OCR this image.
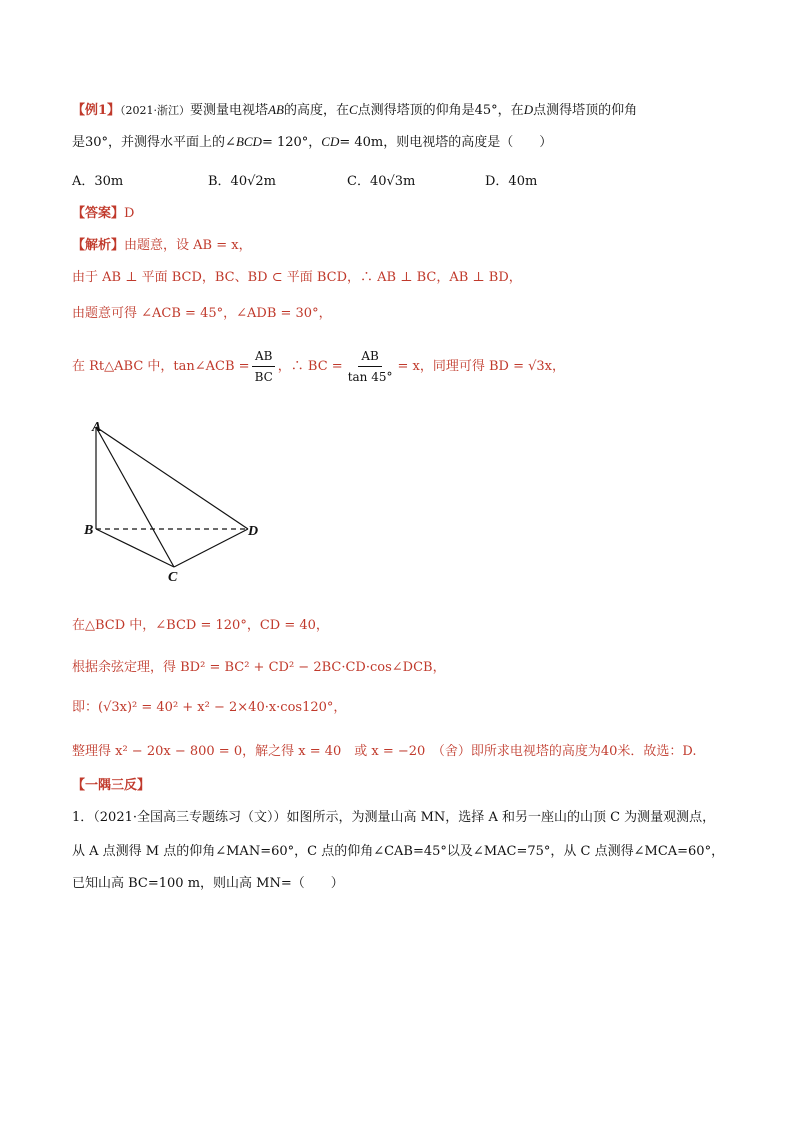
【例1】（2021·浙江）要测量电视塔AB的高度，在C点测得塔顶的仰角是45°，在D点测得塔顶的仰角
是30°，并测得水平面上的∠BCD= 120°，CD= 40m，则电视塔的高度是（　　）
A．30m	B．40√2m	C．40√3m	D．40m
【答案】D
【解析】由题意，设 AB = x，
由于 AB ⊥ 平面 BCD，BC、BD ⊂ 平面 BCD，∴ AB ⊥ BC，AB ⊥ BD，
由题意可得 ∠ACB = 45°，∠ADB = 30°，
在 Rt△ABC 中，tan∠ACB = $\frac{AB}{BC}$ ，∴ BC = $\frac{AB}{\tan 45^\circ} = x$，同理可得 BD = √3x，
A
B
C
D
在△BCD 中，∠BCD = 120°，CD = 40，
根据余弦定理，得 BD² = BC² + CD² − 2BC·CD·cos∠DCB，
即：(√3x)² = 40² + x² − 2×40·x·cos120°，
整理得 x² − 20x − 800 = 0，解之得 x = 40　或 x = −20　（舍）即所求电视塔的高度为40米．故选：D.
【一隅三反】
1．（2021·全国高三专题练习（文））如图所示，为测量山高 MN，选择 A 和另一座山的山顶 C 为测量观测点，
从 A 点测得 M 点的仰角∠MAN=60°，C 点的仰角∠CAB=45°以及∠MAC=75°，从 C 点测得∠MCA=60°，
已知山高 BC=100 m，则山高 MN=（　　）
